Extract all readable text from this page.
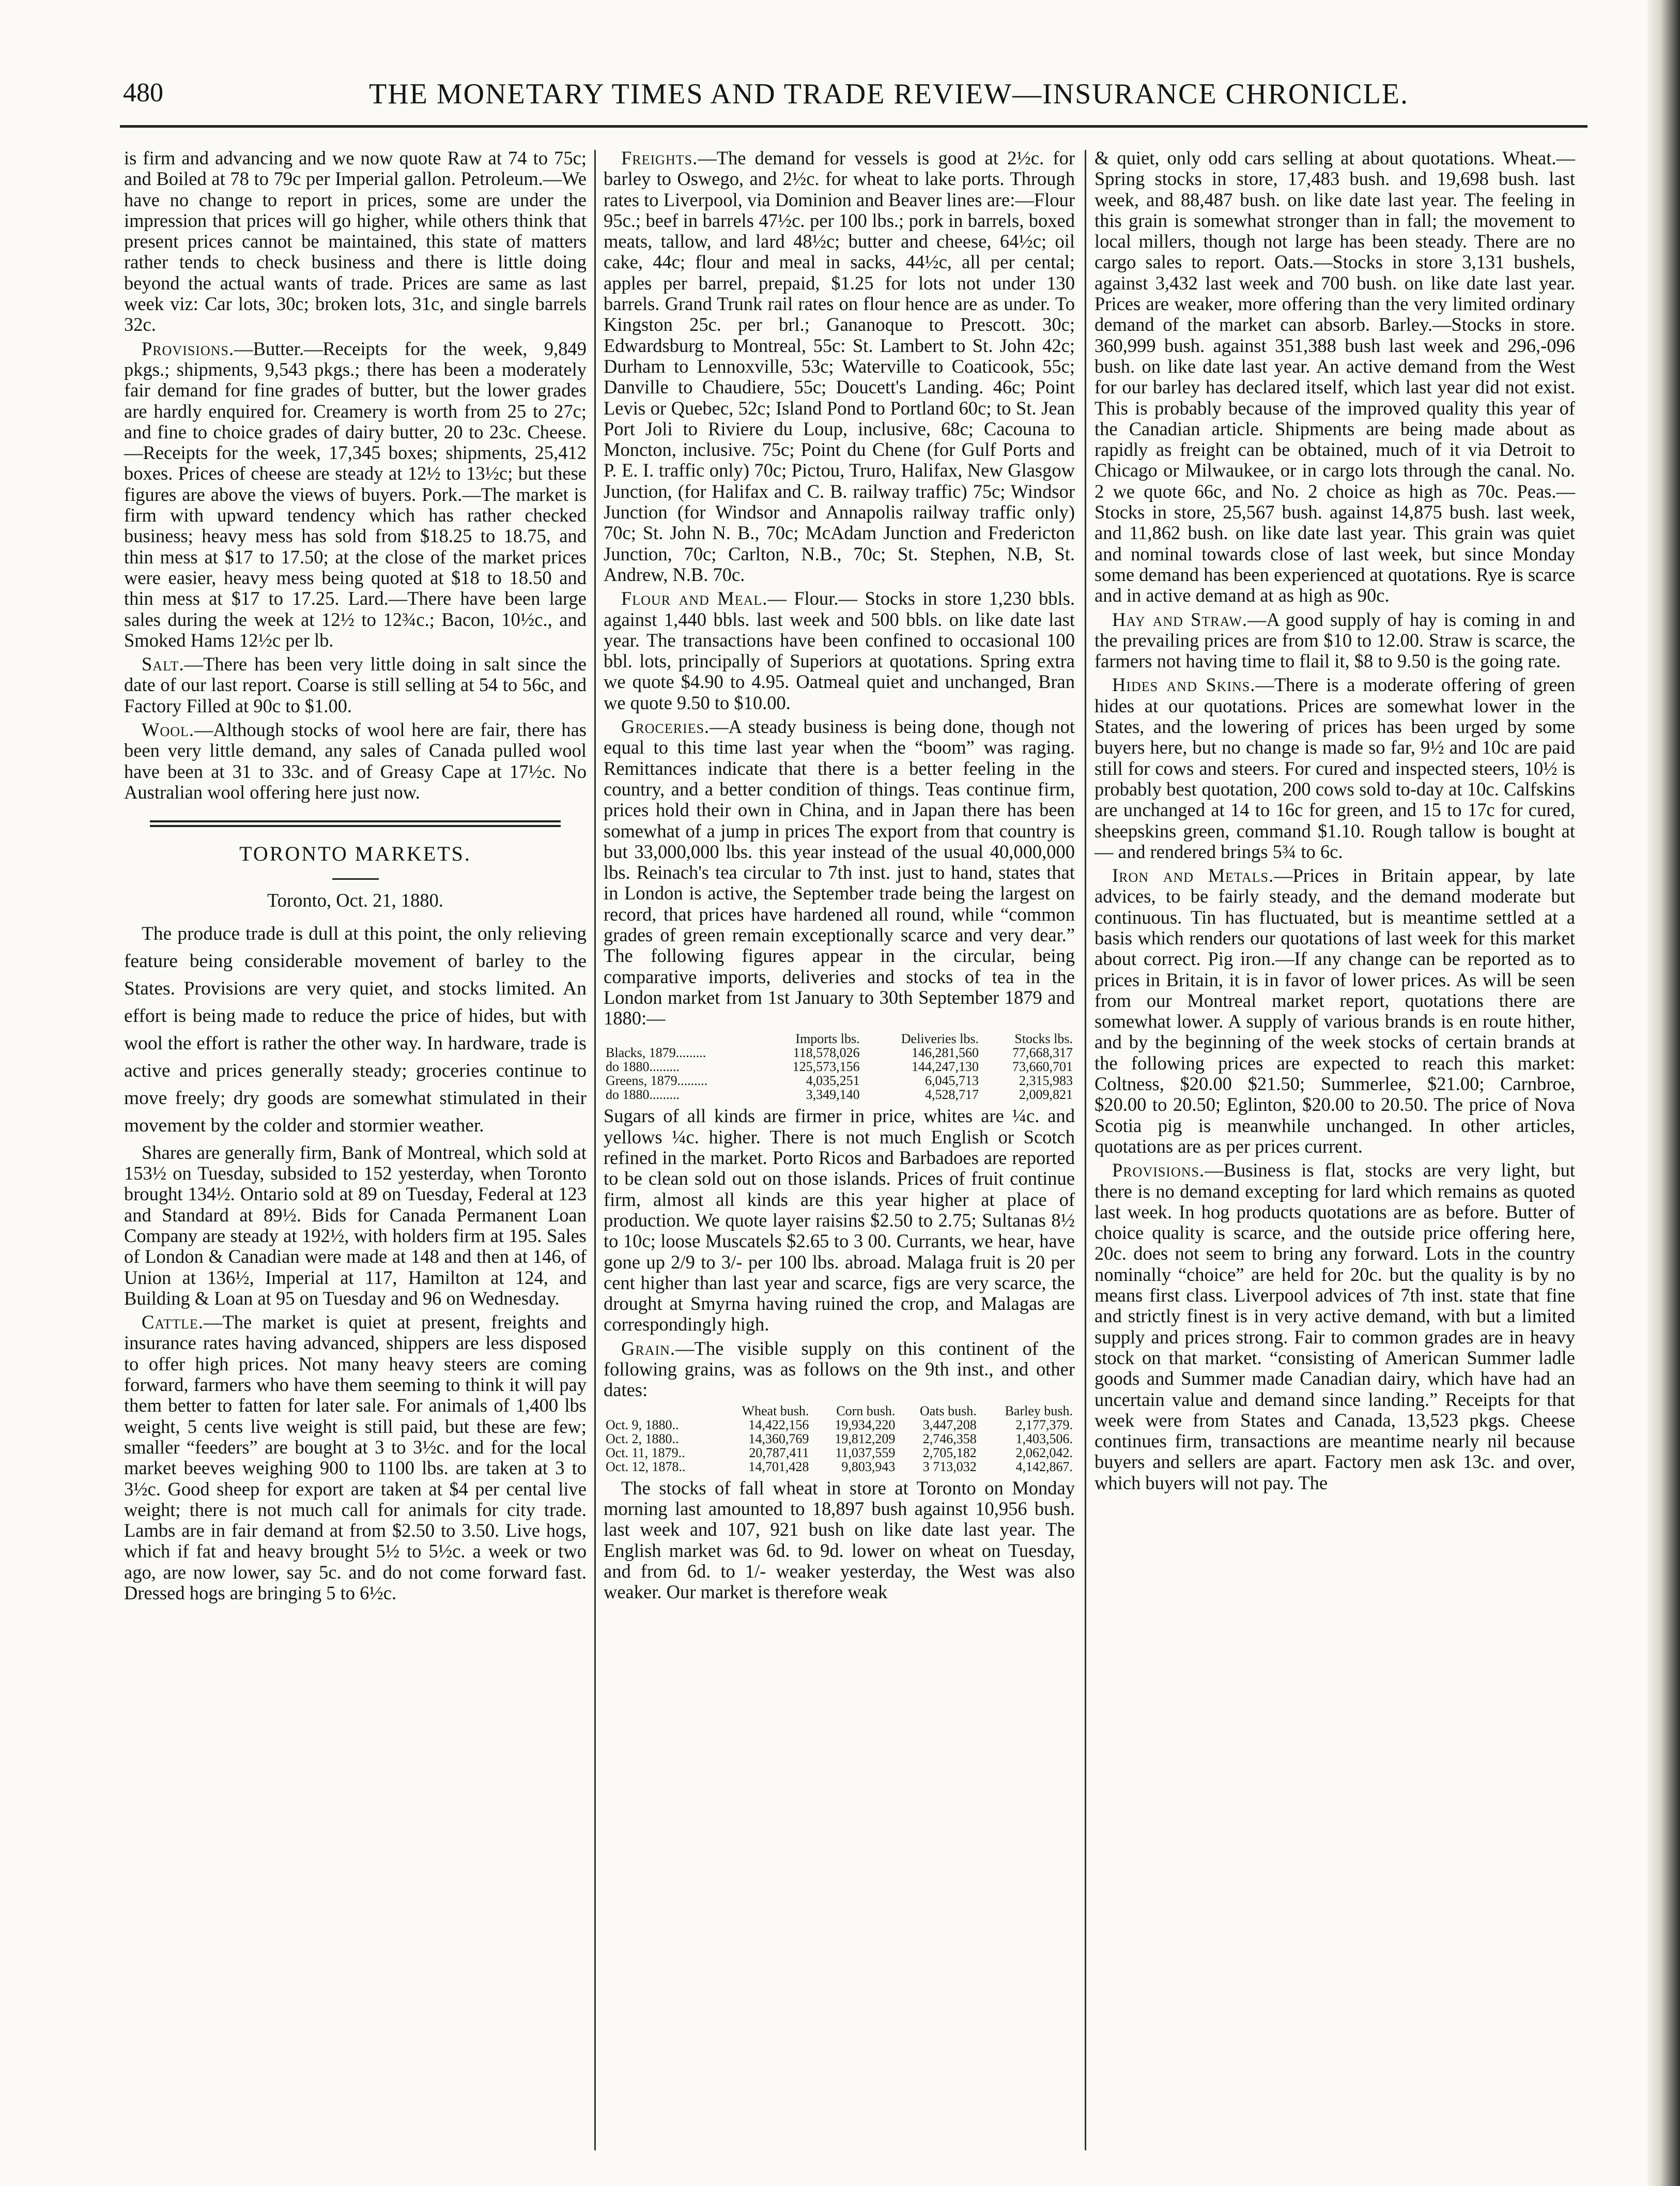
480	THE MONETARY TIMES AND TRADE REVIEW—INSURANCE CHRONICLE.

is firm and advancing and we now quote Raw at 74 to 75c; and Boiled at 78 to 79c per Imperial gallon. Petroleum.—We have no change to report in prices, some are under the impression that prices will go higher, while others think that present prices cannot be maintained, this state of matters rather tends to check business and there is little doing beyond the actual wants of trade. Prices are same as last week viz: Car lots, 30c; broken lots, 31c, and single barrels 32c.

Provisions.—Butter.—Receipts for the week, 9,849 pkgs.; shipments, 9,543 pkgs.; there has been a moderately fair demand for fine grades of butter, but the lower grades are hardly enquired for. Creamery is worth from 25 to 27c; and fine to choice grades of dairy butter, 20 to 23c. Cheese.—Receipts for the week, 17,345 boxes; shipments, 25,412 boxes. Prices of cheese are steady at 12½ to 13½c; but these figures are above the views of buyers. Pork.—The market is firm with upward tendency which has rather checked business; heavy mess has sold from $18.25 to 18.75, and thin mess at $17 to 17.50; at the close of the market prices were easier, heavy mess being quoted at $18 to 18.50 and thin mess at $17 to 17.25. Lard.—There have been large sales during the week at 12½ to 12¾c.; Bacon, 10½c., and Smoked Hams 12½c per lb.

Salt.—There has been very little doing in salt since the date of our last report. Coarse is still selling at 54 to 56c, and Factory Filled at 90c to $1.00.

Wool.—Although stocks of wool here are fair, there has been very little demand, any sales of Canada pulled wool have been at 31 to 33c. and of Greasy Cape at 17½c. No Australian wool offering here just now.

TORONTO MARKETS.

Toronto, Oct. 21, 1880.

The produce trade is dull at this point, the only relieving feature being considerable movement of barley to the States. Provisions are very quiet, and stocks limited. An effort is being made to reduce the price of hides, but with wool the effort is rather the other way. In hardware, trade is active and prices generally steady; groceries continue to move freely; dry goods are somewhat stimulated in their movement by the colder and stormier weather.

Shares are generally firm, Bank of Montreal, which sold at 153½ on Tuesday, subsided to 152 yesterday, when Toronto brought 134½. Ontario sold at 89 on Tuesday, Federal at 123 and Standard at 89½. Bids for Canada Permanent Loan Company are steady at 192½, with holders firm at 195. Sales of London & Canadian were made at 148 and then at 146, of Union at 136½, Imperial at 117, Hamilton at 124, and Building & Loan at 95 on Tuesday and 96 on Wednesday.

Cattle.—The market is quiet at present, freights and insurance rates having advanced, shippers are less disposed to offer high prices. Not many heavy steers are coming forward, farmers who have them seeming to think it will pay them better to fatten for later sale. For animals of 1,400 lbs weight, 5 cents live weight is still paid, but these are few; smaller “feeders” are bought at 3 to 3½c. and for the local market beeves weighing 900 to 1100 lbs. are taken at 3 to 3½c. Good sheep for export are taken at $4 per cental live weight; there is not much call for animals for city trade. Lambs are in fair demand at from $2.50 to 3.50. Live hogs, which if fat and heavy brought 5½ to 5½c. a week or two ago, are now lower, say 5c. and do not come forward fast. Dressed hogs are bringing 5 to 6½c.

Freights.—The demand for vessels is good at 2½c. for barley to Oswego, and 2½c. for wheat to lake ports. Through rates to Liverpool, via Dominion and Beaver lines are:—Flour 95c.; beef in barrels 47½c. per 100 lbs.; pork in barrels, boxed meats, tallow, and lard 48½c; butter and cheese, 64½c; oil cake, 44c; flour and meal in sacks, 44½c, all per cental; apples per barrel, prepaid, $1.25 for lots not under 130 barrels. Grand Trunk rail rates on flour hence are as under. To Kingston 25c. per brl.; Gananoque to Prescott. 30c; Edwardsburg to Montreal, 55c: St. Lambert to St. John 42c; Durham to Lennoxville, 53c; Waterville to Coaticook, 55c; Danville to Chaudiere, 55c; Doucett's Landing. 46c; Point Levis or Quebec, 52c; Island Pond to Portland 60c; to St. Jean Port Joli to Riviere du Loup, inclusive, 68c; Cacouna to Moncton, inclusive. 75c; Point du Chene (for Gulf Ports and P. E. I. traffic only) 70c; Pictou, Truro, Halifax, New Glasgow Junction, (for Halifax and C. B. railway traffic) 75c; Windsor Junction (for Windsor and Annapolis railway traffic only) 70c; St. John N. B., 70c; McAdam Junction and Fredericton Junction, 70c; Carlton, N.B., 70c; St. Stephen, N.B, St. Andrew, N.B. 70c.

Flour and Meal.— Flour.— Stocks in store 1,230 bbls. against 1,440 bbls. last week and 500 bbls. on like date last year. The transactions have been confined to occasional 100 bbl. lots, principally of Superiors at quotations. Spring extra we quote $4.90 to 4.95. Oatmeal quiet and unchanged, Bran we quote 9.50 to $10.00.

Groceries.—A steady business is being done, though not equal to this time last year when the “boom” was raging. Remittances indicate that there is a better feeling in the country, and a better condition of things. Teas continue firm, prices hold their own in China, and in Japan there has been somewhat of a jump in prices The export from that country is but 33,000,000 lbs. this year instead of the usual 40,000,000 lbs. Reinach's tea circular to 7th inst. just to hand, states that in London is active, the September trade being the largest on record, that prices have hardened all round, while “common grades of green remain exceptionally scarce and very dear.” The following figures appear in the circular, being comparative imports, deliveries and stocks of tea in the London market from 1st January to 30th September 1879 and 1880:—

	Imports lbs.	Deliveries lbs.	Stocks lbs.
Blacks, 1879.........	118,578,026	146,281,560	77,668,317
do 1880.........	125,573,156	144,247,130	73,660,701
Greens, 1879.........	4,035,251	6,045,713	2,315,983
do 1880.........	3,349,140	4,528,717	2,009,821

Sugars of all kinds are firmer in price, whites are ¼c. and yellows ¼c. higher. There is not much English or Scotch refined in the market. Porto Ricos and Barbadoes are reported to be clean sold out on those islands. Prices of fruit continue firm, almost all kinds are this year higher at place of production. We quote layer raisins $2.50 to 2.75; Sultanas 8½ to 10c; loose Muscatels $2.65 to 3 00. Currants, we hear, have gone up 2/9 to 3/- per 100 lbs. abroad. Malaga fruit is 20 per cent higher than last year and scarce, figs are very scarce, the drought at Smyrna having ruined the crop, and Malagas are correspondingly high.

Grain.—The visible supply on this continent of the following grains, was as follows on the 9th inst., and other dates:

	Wheat bush.	Corn bush.	Oats bush.	Barley bush.
Oct. 9, 1880..	14,422,156	19,934,220	3,447,208	2,177,379.
Oct. 2, 1880..	14,360,769	19,812,209	2,746,358	1,403,506.
Oct. 11, 1879..	20,787,411	11,037,559	2,705,182	2,062,042.
Oct. 12, 1878..	14,701,428	9,803,943	3 713,032	4,142,867.

The stocks of fall wheat in store at Toronto on Monday morning last amounted to 18,897 bush against 10,956 bush. last week and 107, 921 bush on like date last year. The English market was 6d. to 9d. lower on wheat on Tuesday, and from 6d. to 1/- weaker yesterday, the West was also weaker. Our market is therefore weak

& quiet, only odd cars selling at about quotations. Wheat.—Spring stocks in store, 17,483 bush. and 19,698 bush. last week, and 88,487 bush. on like date last year. The feeling in this grain is somewhat stronger than in fall; the movement to local millers, though not large has been steady. There are no cargo sales to report. Oats.—Stocks in store 3,131 bushels, against 3,432 last week and 700 bush. on like date last year. Prices are weaker, more offering than the very limited ordinary demand of the market can absorb. Barley.—Stocks in store. 360,999 bush. against 351,388 bush last week and 296,-096 bush. on like date last year. An active demand from the West for our barley has declared itself, which last year did not exist. This is probably because of the improved quality this year of the Canadian article. Shipments are being made about as rapidly as freight can be obtained, much of it via Detroit to Chicago or Milwaukee, or in cargo lots through the canal. No. 2 we quote 66c, and No. 2 choice as high as 70c. Peas.—Stocks in store, 25,567 bush. against 14,875 bush. last week, and 11,862 bush. on like date last year. This grain was quiet and nominal towards close of last week, but since Monday some demand has been experienced at quotations. Rye is scarce and in active demand at as high as 90c.

Hay and Straw.—A good supply of hay is coming in and the prevailing prices are from $10 to 12.00. Straw is scarce, the farmers not having time to flail it, $8 to 9.50 is the going rate.

Hides and Skins.—There is a moderate offering of green hides at our quotations. Prices are somewhat lower in the States, and the lowering of prices has been urged by some buyers here, but no change is made so far, 9½ and 10c are paid still for cows and steers. For cured and inspected steers, 10½ is probably best quotation, 200 cows sold to-day at 10c. Calfskins are unchanged at 14 to 16c for green, and 15 to 17c for cured, sheepskins green, command $1.10. Rough tallow is bought at — and rendered brings 5¾ to 6c.

Iron and Metals.—Prices in Britain appear, by late advices, to be fairly steady, and the demand moderate but continuous. Tin has fluctuated, but is meantime settled at a basis which renders our quotations of last week for this market about correct. Pig iron.—If any change can be reported as to prices in Britain, it is in favor of lower prices. As will be seen from our Montreal market report, quotations there are somewhat lower. A supply of various brands is en route hither, and by the beginning of the week stocks of certain brands at the following prices are expected to reach this market: Coltness, $20.00 $21.50; Summerlee, $21.00; Carnbroe, $20.00 to 20.50; Eglinton, $20.00 to 20.50. The price of Nova Scotia pig is meanwhile unchanged. In other articles, quotations are as per prices current.

Provisions.—Business is flat, stocks are very light, but there is no demand excepting for lard which remains as quoted last week. In hog products quotations are as before. Butter of choice quality is scarce, and the outside price offering here, 20c. does not seem to bring any forward. Lots in the country nominally “choice” are held for 20c. but the quality is by no means first class. Liverpool advices of 7th inst. state that fine and strictly finest is in very active demand, with but a limited supply and prices strong. Fair to common grades are in heavy stock on that market. “consisting of American Summer ladle goods and Summer made Canadian dairy, which have had an uncertain value and demand since landing.” Receipts for that week were from States and Canada, 13,523 pkgs. Cheese continues firm, transactions are meantime nearly nil because buyers and sellers are apart. Factory men ask 13c. and over, which buyers will not pay. The
